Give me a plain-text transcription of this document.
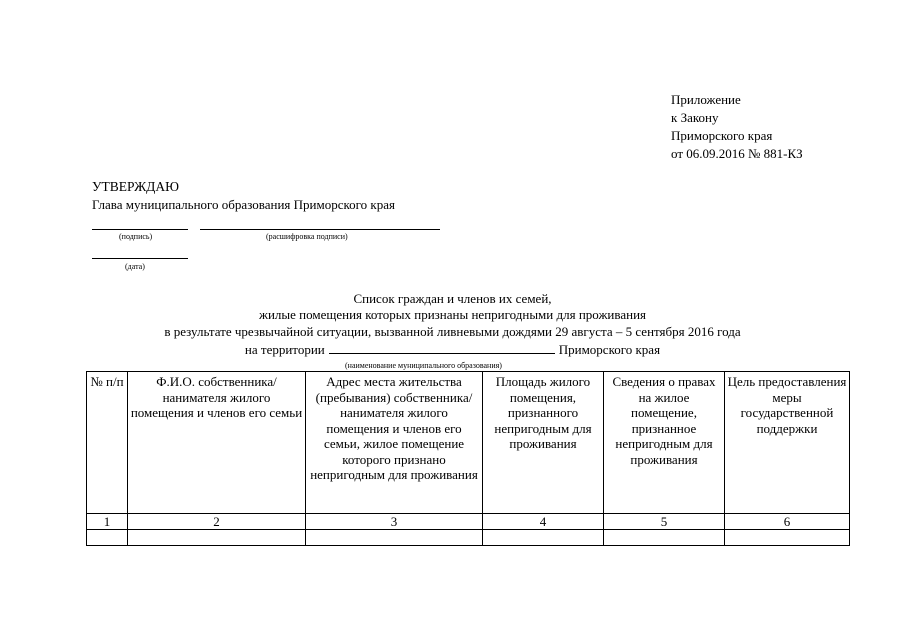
Приложение
к Закону
Приморского края
от 06.09.2016 № 881-КЗ
УТВЕРЖДАЮ
Глава муниципального образования Приморского края
(подпись)	(расшифровка подписи)
(дата)
Список граждан и членов их семей,
жилые помещения которых признаны непригодными для проживания
в результате чрезвычайной ситуации, вызванной ливневыми дождями 29 августа – 5 сентября 2016 года
на территории	Приморского края
(наименование муниципального образования)
№ п/п	Ф.И.О. собственника/нанимателя жилого помещения и членов его семьи	Адрес места жительства (пребывания) собственника/нанимателя жилого помещения и членов его семьи, жилое помещение которого признано непригодным для проживания	Площадь жилого помещения, признанного непригодным для проживания	Сведения о правах на жилое помещение, признанное непригодным для проживания	Цель предоставления меры государственной поддержки
1	2	3	4	5	6
